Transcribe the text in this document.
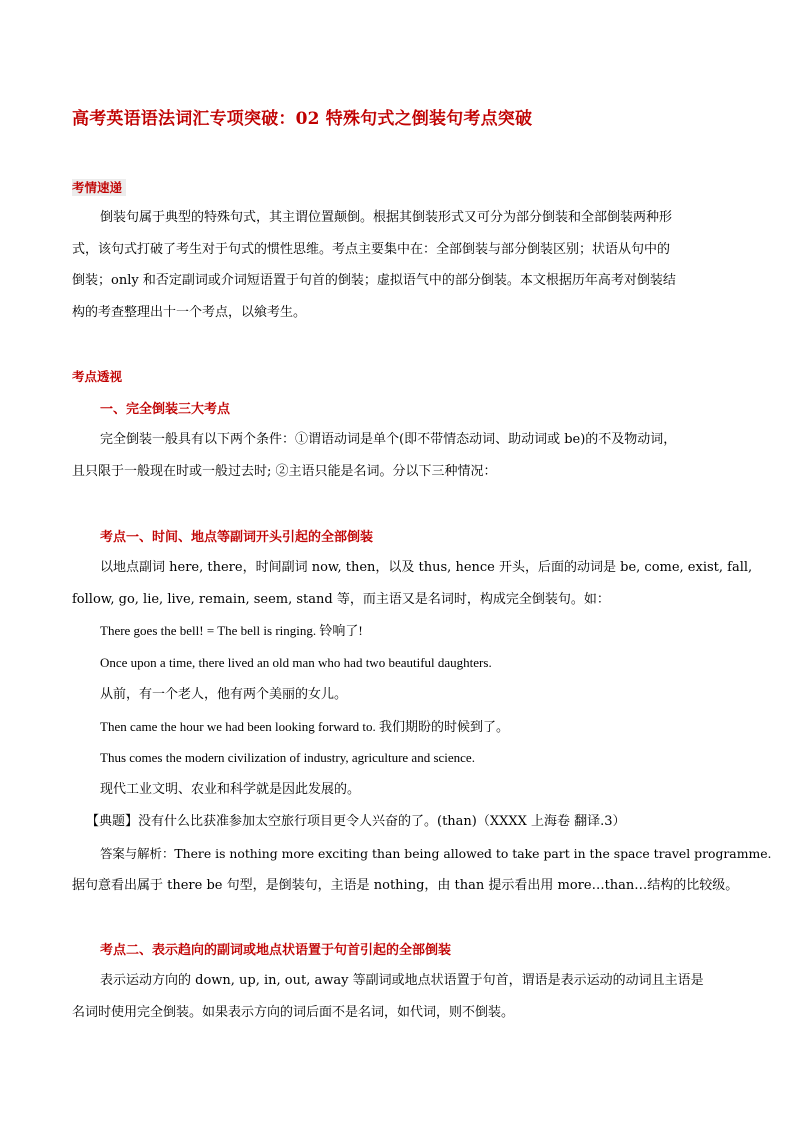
高考英语语法词汇专项突破：02 特殊句式之倒装句考点突破
考情速递
倒装句属于典型的特殊句式，其主谓位置颠倒。根据其倒装形式又可分为部分倒装和全部倒装两种形
式，该句式打破了考生对于句式的惯性思维。考点主要集中在：全部倒装与部分倒装区别；状语从句中的
倒装；only 和否定副词或介词短语置于句首的倒装；虚拟语气中的部分倒装。本文根据历年高考对倒装结
构的考查整理出十一个考点，以飨考生。
考点透视
一、完全倒装三大考点
完全倒装一般具有以下两个条件：①谓语动词是单个(即不带情态动词、助动词或 be)的不及物动词，
且只限于一般现在时或一般过去时; ②主语只能是名词。分以下三种情况：
考点一、时间、地点等副词开头引起的全部倒装
以地点副词 here, there，时间副词 now, then，以及 thus, hence 开头，后面的动词是 be, come, exist, fall,
follow, go, lie, live, remain, seem, stand 等，而主语又是名词时，构成完全倒装句。如：
There goes the bell! = The bell is ringing. 铃响了!
Once upon a time, there lived an old man who had two beautiful daughters.
从前，有一个老人，他有两个美丽的女儿。
Then came the hour we had been looking forward to. 我们期盼的时候到了。
Thus comes the modern civilization of industry, agriculture and science.
现代工业文明、农业和科学就是因此发展的。
【典题】没有什么比获准参加太空旅行项目更令人兴奋的了。(than)（XXXX 上海卷 翻译.3）
答案与解析：There is nothing more exciting than being allowed to take part in the space travel programme.
据句意看出属于 there be 句型，是倒装句，主语是 nothing，由 than 提示看出用 more…than…结构的比较级。
考点二、表示趋向的副词或地点状语置于句首引起的全部倒装
表示运动方向的 down, up, in, out, away 等副词或地点状语置于句首，谓语是表示运动的动词且主语是
名词时使用完全倒装。如果表示方向的词后面不是名词，如代词，则不倒装。
